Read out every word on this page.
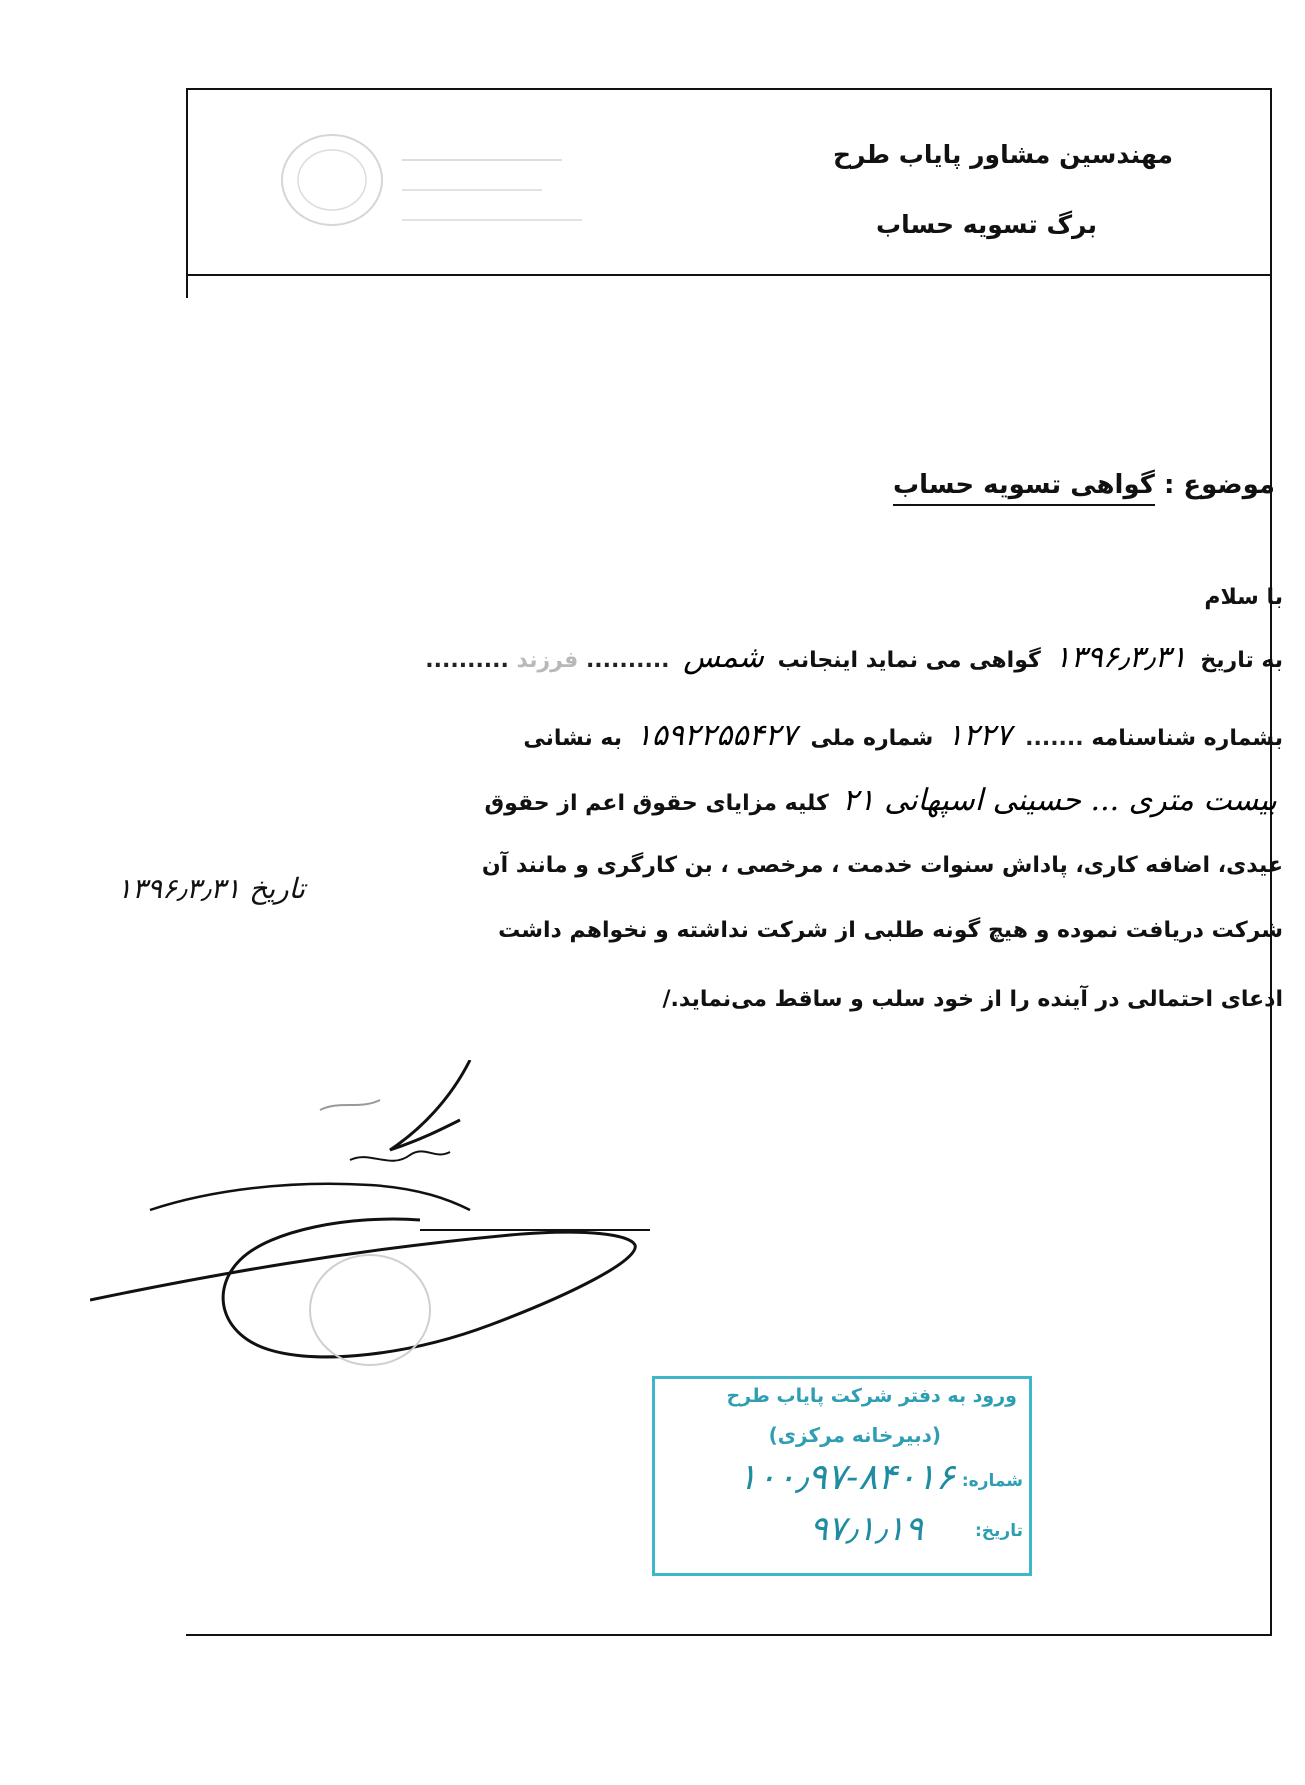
مهندسین مشاور پایاب طرح
برگ تسویه حساب
موضوع : گواهی تسویه حساب
با سلام
به تاریخ ۱۳۹۶٫۳٫۳۱ گواهی می نماید اینجانب شمس .......... فرزند ..........
بشماره شناسنامه ....... ۱۲۲۷ شماره ملی ۱۵۹۲۲۵۵۴۲۷ به نشانی
بیست متری ... حسینی اسپهانی ۲۱ کلیه مزایای حقوق اعم از حقوق
عیدی، اضافه کاری، پاداش سنوات خدمت ، مرخصی ، بن کارگری و مانند آن
تاریخ ۱۳۹۶٫۳٫۳۱
شرکت دریافت نموده و هیچ گونه طلبی از شرکت نداشته و نخواهم داشت
ادعای احتمالی در آینده را از خود سلب و ساقط می‌نماید./
ورود به دفتر شرکت پایاب طرح
(دبیرخانه مرکزی)
شماره:
۱۰۰٫۹۷-۸۴۰۱۶
تاریخ:
۹۷٫۱٫۱۹
